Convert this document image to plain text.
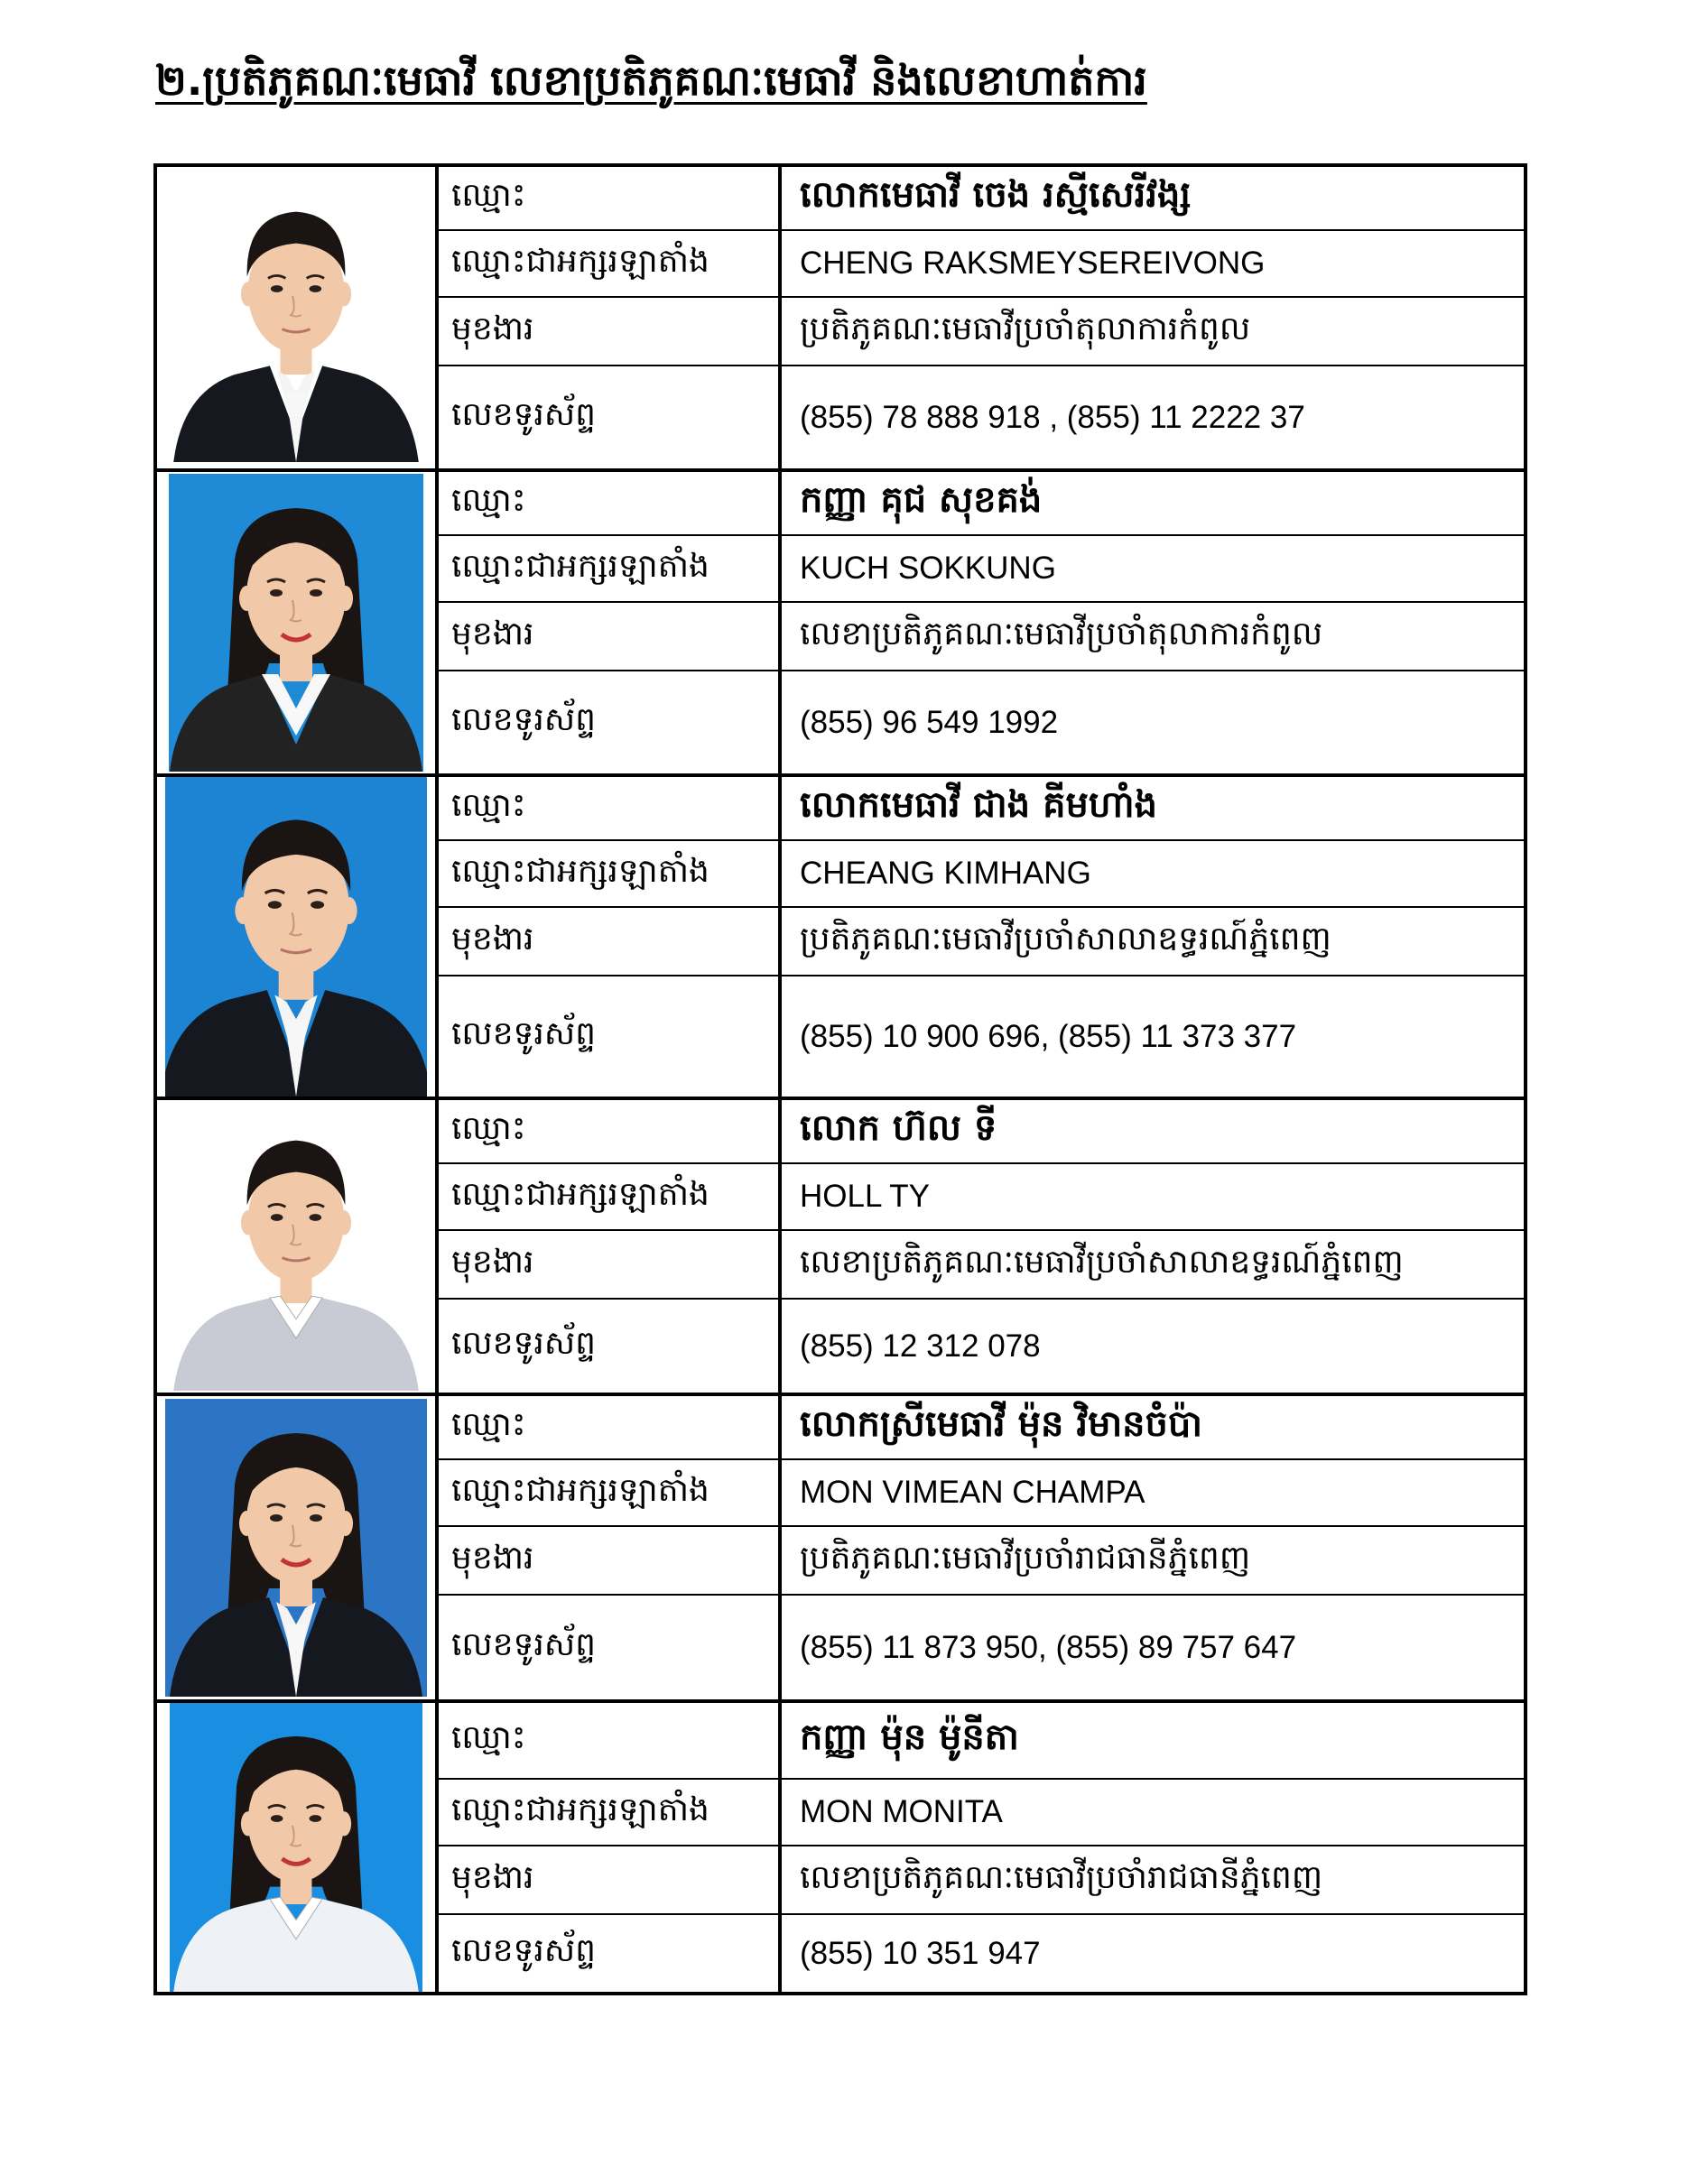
២.ប្រតិភូគណៈមេធាវី លេខាប្រតិភូគណៈមេធាវី និងលេខាហាត់ការ
	ឈ្មោះ	លោកមេធាវី ចេង រស្មីសេរីវង្ស
	ឈ្មោះជាអក្សរឡាតាំង	CHENG RAKSMEYSEREIVONG
	មុខងារ	ប្រតិភូគណៈមេធាវីប្រចាំតុលាការកំពូល
	លេខទូរស័ព្ទ	(855) 78 888 918 , (855) 11 2222 37

	ឈ្មោះ	កញ្ញា គុជ សុខគង់
	ឈ្មោះជាអក្សរឡាតាំង	KUCH SOKKUNG
	មុខងារ	លេខាប្រតិភូគណៈមេធាវីប្រចាំតុលាការកំពូល
	លេខទូរស័ព្ទ	(855) 96 549 1992

	ឈ្មោះ	លោកមេធាវី ជាង គីមហាំង
	ឈ្មោះជាអក្សរឡាតាំង	CHEANG KIMHANG
	មុខងារ	ប្រតិភូគណៈមេធាវីប្រចាំសាលាឧទ្ធរណ៍ភ្នំពេញ
	លេខទូរស័ព្ទ	(855) 10 900 696, (855) 11 373 377

	ឈ្មោះ	លោក ហ៊ល ទី
	ឈ្មោះជាអក្សរឡាតាំង	HOLL TY
	មុខងារ	លេខាប្រតិភូគណៈមេធាវីប្រចាំសាលាឧទ្ធរណ៍ភ្នំពេញ
	លេខទូរស័ព្ទ	(855) 12 312 078

	ឈ្មោះ	លោកស្រីមេធាវី ម៉ុន វិមានចំប៉ា
	ឈ្មោះជាអក្សរឡាតាំង	MON VIMEAN CHAMPA
	មុខងារ	ប្រតិភូគណៈមេធាវីប្រចាំរាជធានីភ្នំពេញ
	លេខទូរស័ព្ទ	(855) 11 873 950, (855) 89 757 647

	ឈ្មោះ	កញ្ញា ម៉ុន ម៉ូនីតា
	ឈ្មោះជាអក្សរឡាតាំង	MON MONITA
	មុខងារ	លេខាប្រតិភូគណៈមេធាវីប្រចាំរាជធានីភ្នំពេញ
	លេខទូរស័ព្ទ	(855) 10 351 947
